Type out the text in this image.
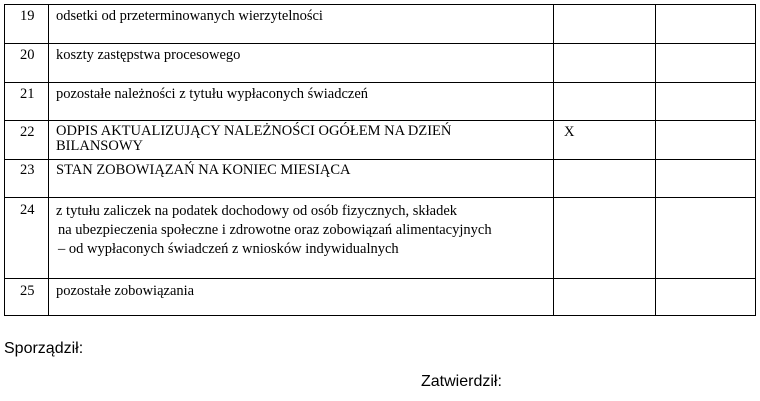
19 odsetki od przeterminowanych wierzytelności
20 koszty zastępstwa procesowego
21 pozostałe należności z tytułu wypłaconych świadczeń
22 ODPIS AKTUALIZUJĄCY NALEŻNOŚCI OGÓŁEM NA DZIEŃ BILANSOWY
X
23 STAN ZOBOWIĄZAŃ NA KONIEC MIESIĄCA
24 z tytułu zaliczek na podatek dochodowy od osób fizycznych, składek
na ubezpieczenia społeczne i zdrowotne oraz zobowiązań alimentacyjnych
– od wypłaconych świadczeń z wniosków indywidualnych
25 pozostałe zobowiązania
Sporządził:
Zatwierdził:
